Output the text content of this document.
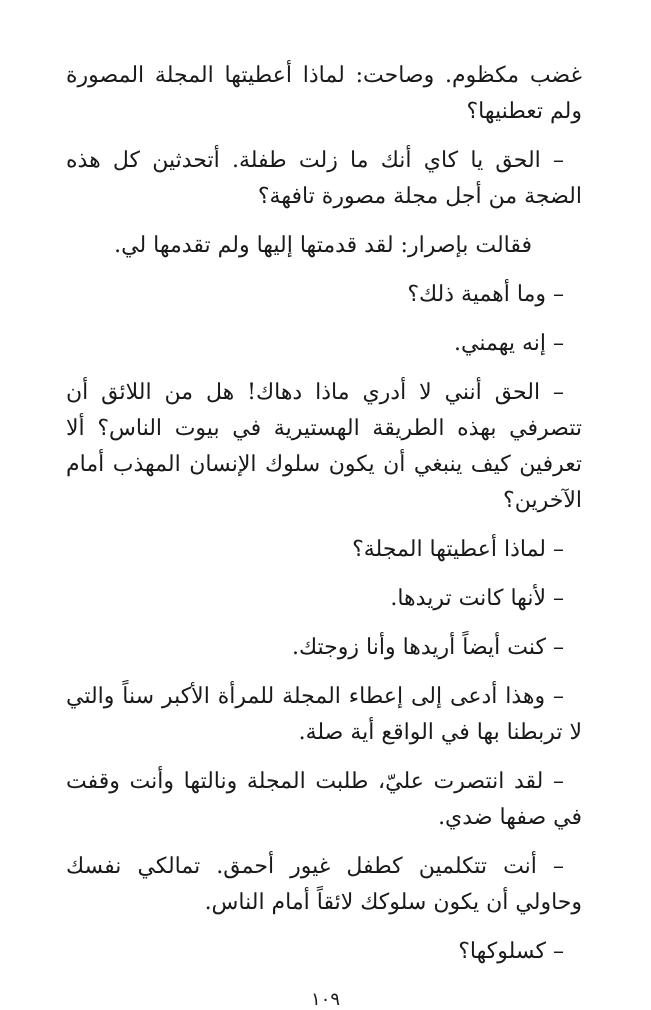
غضب مكظوم. وصاحت: لماذا أعطيتها المجلة المصورة ولم تعطنيها؟

– الحق يا كاي أنك ما زلت طفلة. أتحدثين كل هذه الضجة من أجل مجلة مصورة تافهة؟

فقالت بإصرار: لقد قدمتها إليها ولم تقدمها لي.

– وما أهمية ذلك؟

– إنه يهمني.

– الحق أنني لا أدري ماذا دهاك! هل من اللائق أن تتصرفي بهذه الطريقة الهستيرية في بيوت الناس؟ ألا تعرفين كيف ينبغي أن يكون سلوك الإنسان المهذب أمام الآخرين؟

– لماذا أعطيتها المجلة؟

– لأنها كانت تريدها.

– كنت أيضاً أريدها وأنا زوجتك.

– وهذا أدعى إلى إعطاء المجلة للمرأة الأكبر سناً والتي لا تربطنا بها في الواقع أية صلة.

– لقد انتصرت عليّ، طلبت المجلة ونالتها وأنت وقفت في صفها ضدي.

– أنت تتكلمين كطفل غيور أحمق. تمالكي نفسك وحاولي أن يكون سلوكك لائقاً أمام الناس.

– كسلوكها؟

١٠٩
